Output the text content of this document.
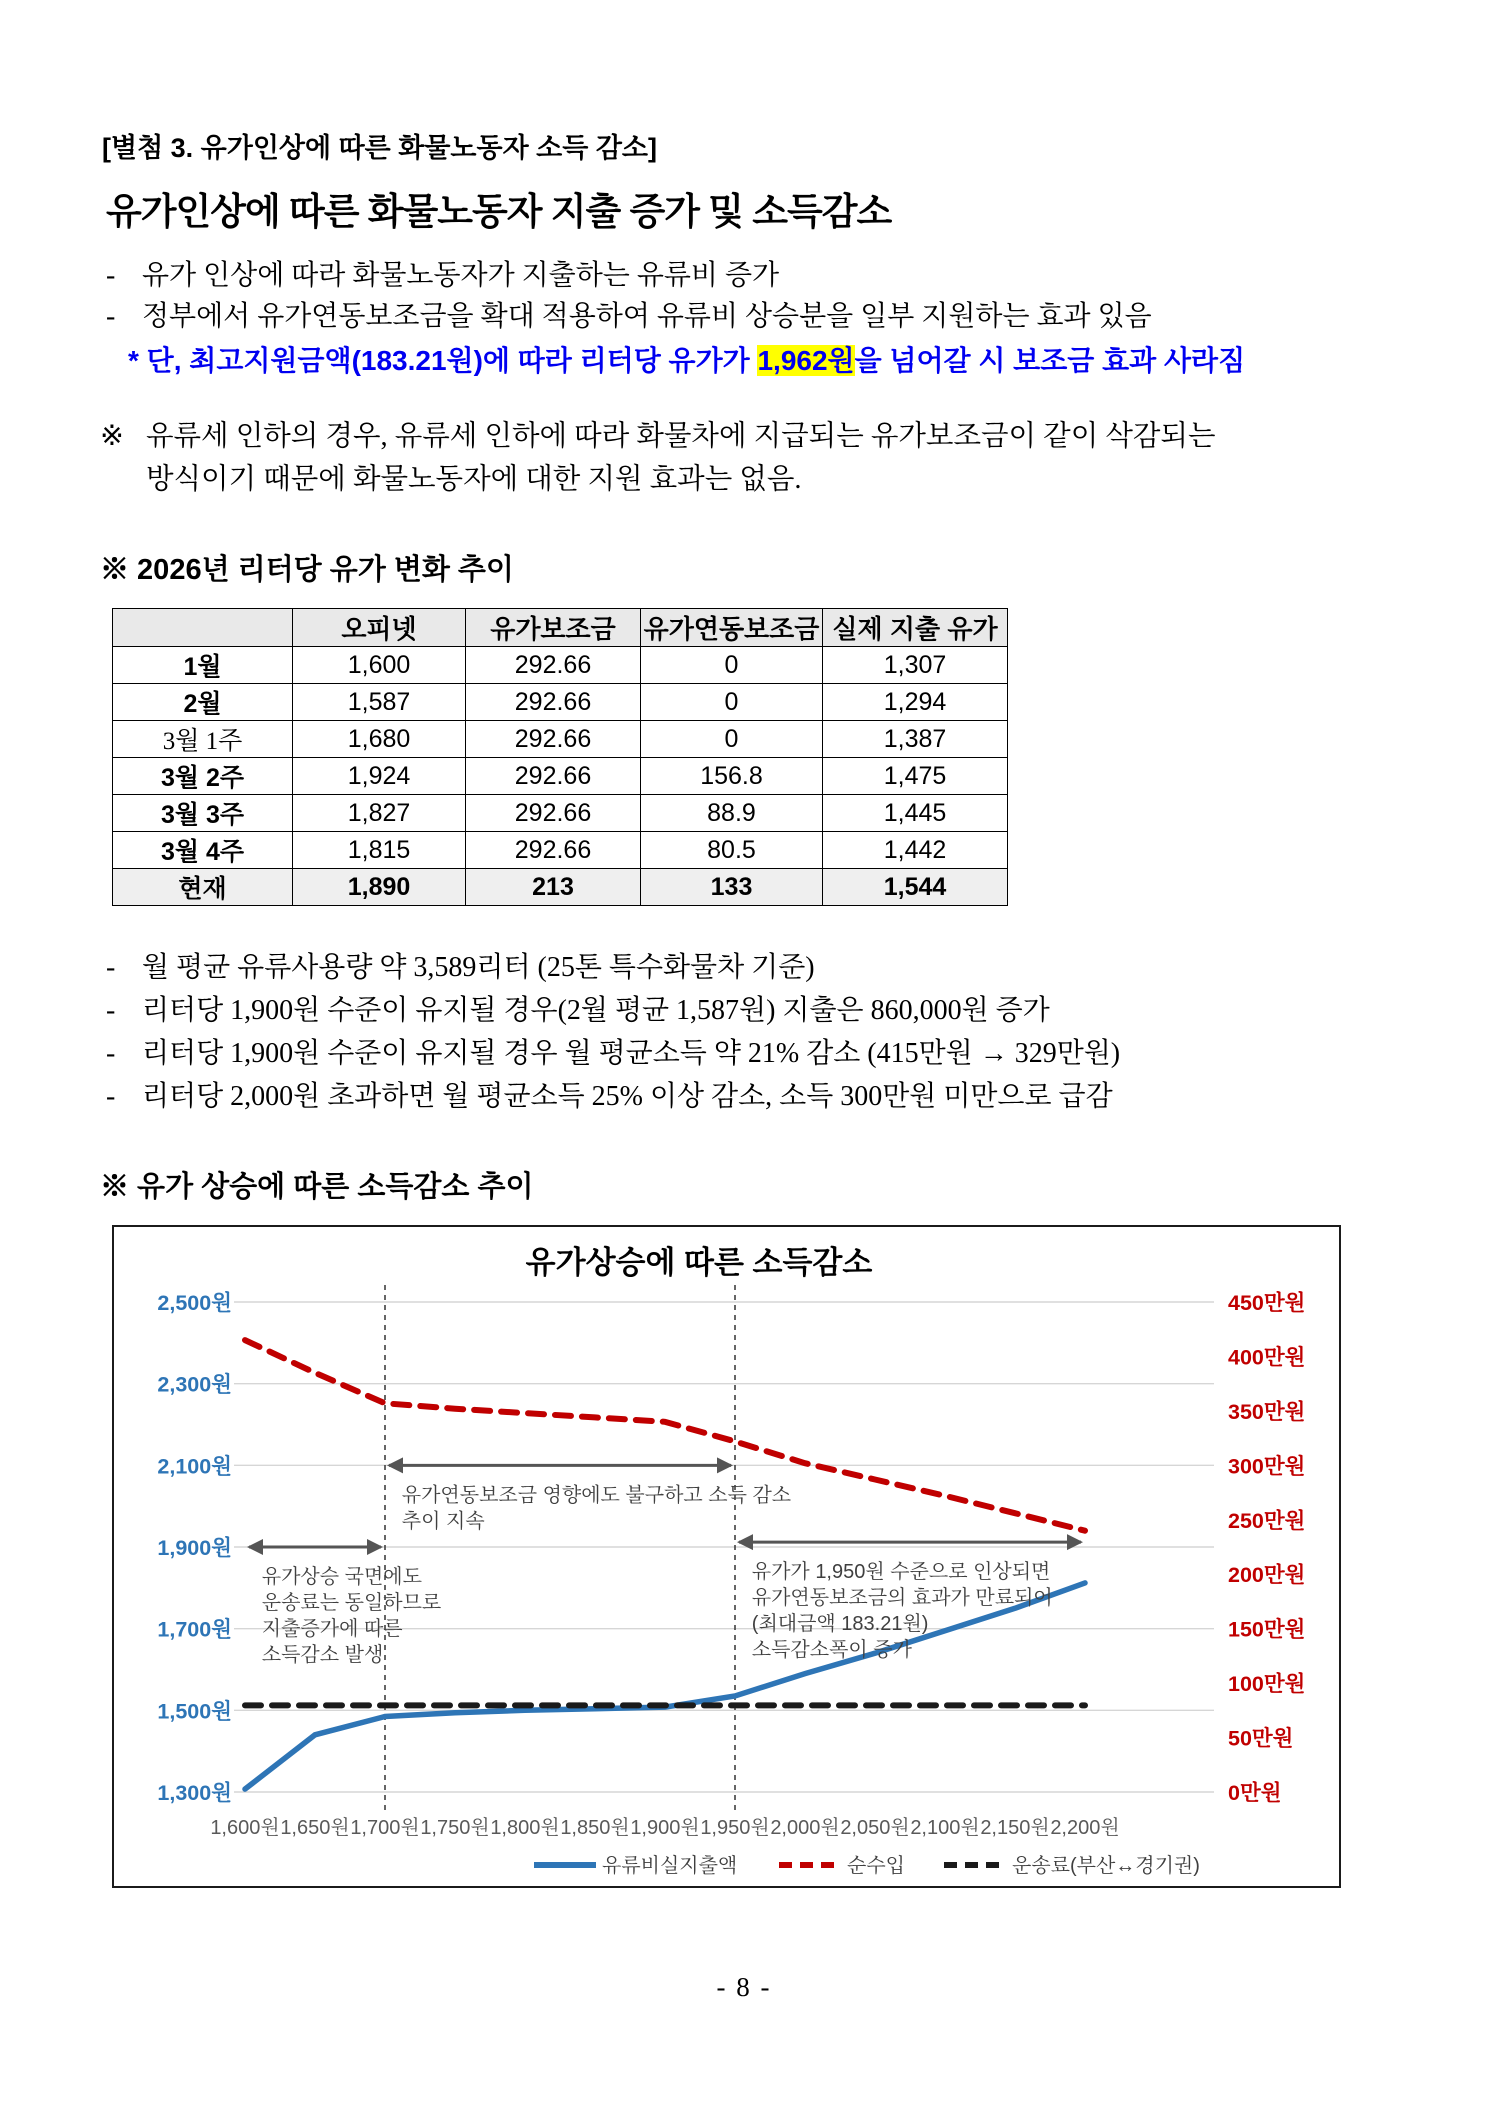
[별첨 3. 유가인상에 따른 화물노동자 소득 감소]

유가인상에 따른 화물노동자 지출 증가 및 소득감소
- 유가 인상에 따라 화물노동자가 지출하는 유류비 증가
- 정부에서 유가연동보조금을 확대 적용하여 유류비 상승분을 일부 지원하는 효과 있음

* 단, 최고지원금액(183.21원)에 따라 리터당 유가가 1,962원을 넘어갈 시 보조금 효과 사라짐

※ 유류세 인하의 경우, 유류세 인하에 따라 화물차에 지급되는 유가보조금이 같이 삭감되는
방식이기 때문에 화물노동자에 대한 지원 효과는 없음.

※ 2026년 리터당 유가 변화 추이

	오피넷	유가보조금	유가연동보조금	실제 지출 유가
1월	1,600	292.66	0	1,307
2월	1,587	292.66	0	1,294
3월 1주	1,680	292.66	0	1,387
3월 2주	1,924	292.66	156.8	1,475
3월 3주	1,827	292.66	88.9	1,445
3월 4주	1,815	292.66	80.5	1,442
현재	1,890	213	133	1,544
- 월 평균 유류사용량 약 3,589리터 (25톤 특수화물차 기준)
- 리터당 1,900원 수준이 유지될 경우(2월 평균 1,587원) 지출은 860,000원 증가
- 리터당 1,900원 수준이 유지될 경우 월 평균소득 약 21% 감소 (415만원 → 329만원)
- 리터당 2,000원 초과하면 월 평균소득 25% 이상 감소, 소득 300만원 미만으로 급감

※ 유가 상승에 따른 소득감소 추이

유가상승에 따른 소득감소
2,500원
2,300원
2,100원
1,900원
1,700원
1,500원
1,300원
450만원
400만원
350만원
300만원
250만원
200만원
150만원
100만원
50만원
0만원
1,600원 1,650원 1,700원 1,750원 1,800원 1,850원 1,900원 1,950원 2,000원 2,050원 2,100원 2,150원 2,200원
유가상승 국면에도 운송료는 동일하므로 지출증가에 따른 소득감소 발생
유가연동보조금 영향에도 불구하고 소득 감소 추이 지속
유가가 1,950원 수준으로 인상되면 유가연동보조금의 효과가 만료되어 (최대금액 183.21원) 소득감소폭이 증가
유류비실지출액	순수입	운송료(부산↔경기권)
- 8 -
